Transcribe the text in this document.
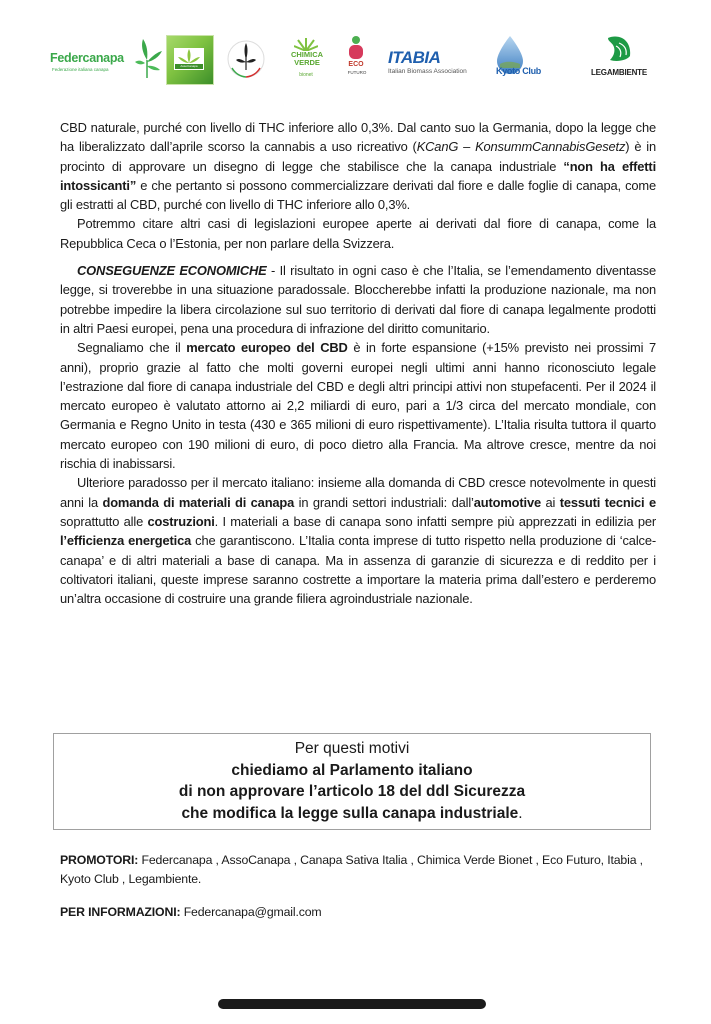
Federcanapa
Federazione italiana canapa
AssoCanapa
CHIMICA VERDE
bionet
ECO
FUTURO
ITABIA
Italian Biomass Association	Kyoto Club	LEGAMBIENTE

CBD naturale, purché con livello di THC inferiore allo 0,3%. Dal canto suo la Germania, dopo la legge che ha liberalizzato dall’aprile scorso la cannabis a uso ricreativo (KCanG – KonsummCannabisGesetz) è in procinto di approvare un disegno di legge che stabilisce che la canapa industriale “non ha effetti intossicanti” e che pertanto si possono commercializzare derivati dal fiore e dalle foglie di canapa, come gli estratti al CBD, purché con livello di THC inferiore allo 0,3%.

Potremmo citare altri casi di legislazioni europee aperte ai derivati dal fiore di canapa, come la Repubblica Ceca o l’Estonia, per non parlare della Svizzera.

CONSEGUENZE ECONOMICHE - Il risultato in ogni caso è che l’Italia, se l’emendamento diventasse legge, si troverebbe in una situazione paradossale. Bloccherebbe infatti la produzione nazionale, ma non potrebbe impedire la libera circolazione sul suo territorio di derivati dal fiore di canapa legalmente prodotti in altri Paesi europei, pena una procedura di infrazione del diritto comunitario.

Segnaliamo che il mercato europeo del CBD è in forte espansione (+15% previsto nei prossimi 7 anni), proprio grazie al fatto che molti governi europei negli ultimi anni hanno riconosciuto legale l’estrazione dal fiore di canapa industriale del CBD e degli altri principi attivi non stupefacenti. Per il 2024 il mercato europeo è valutato attorno ai 2,2 miliardi di euro, pari a 1/3 circa del mercato mondiale, con Germania e Regno Unito in testa (430 e 365 milioni di euro rispettivamente). L’Italia risulta tuttora il quarto mercato europeo con 190 milioni di euro, di poco dietro alla Francia. Ma altrove cresce, mentre da noi rischia di inabissarsi.

Ulteriore paradosso per il mercato italiano: insieme alla domanda di CBD cresce notevolmente in questi anni la domanda di materiali di canapa in grandi settori industriali: dall’automotive ai tessuti tecnici e soprattutto alle costruzioni. I materiali a base di canapa sono infatti sempre più apprezzati in edilizia per l’efficienza energetica che garantiscono. L’Italia conta imprese di tutto rispetto nella produzione di ‘calce-canapa’ e di altri materiali a base di canapa. Ma in assenza di garanzie di sicurezza e di reddito per i coltivatori italiani, queste imprese saranno costrette a importare la materia prima dall’estero e perderemo un’altra occasione di costruire una grande filiera agroindustriale nazionale.

Per questi motivi
chiediamo al Parlamento italiano
di non approvare l’articolo 18 del ddl Sicurezza
che modifica la legge sulla canapa industriale.
PROMOTORI: Federcanapa , AssoCanapa , Canapa Sativa Italia , Chimica Verde Bionet , Eco Futuro, Itabia , Kyoto Club , Legambiente.
PER INFORMAZIONI: Federcanapa@gmail.com
